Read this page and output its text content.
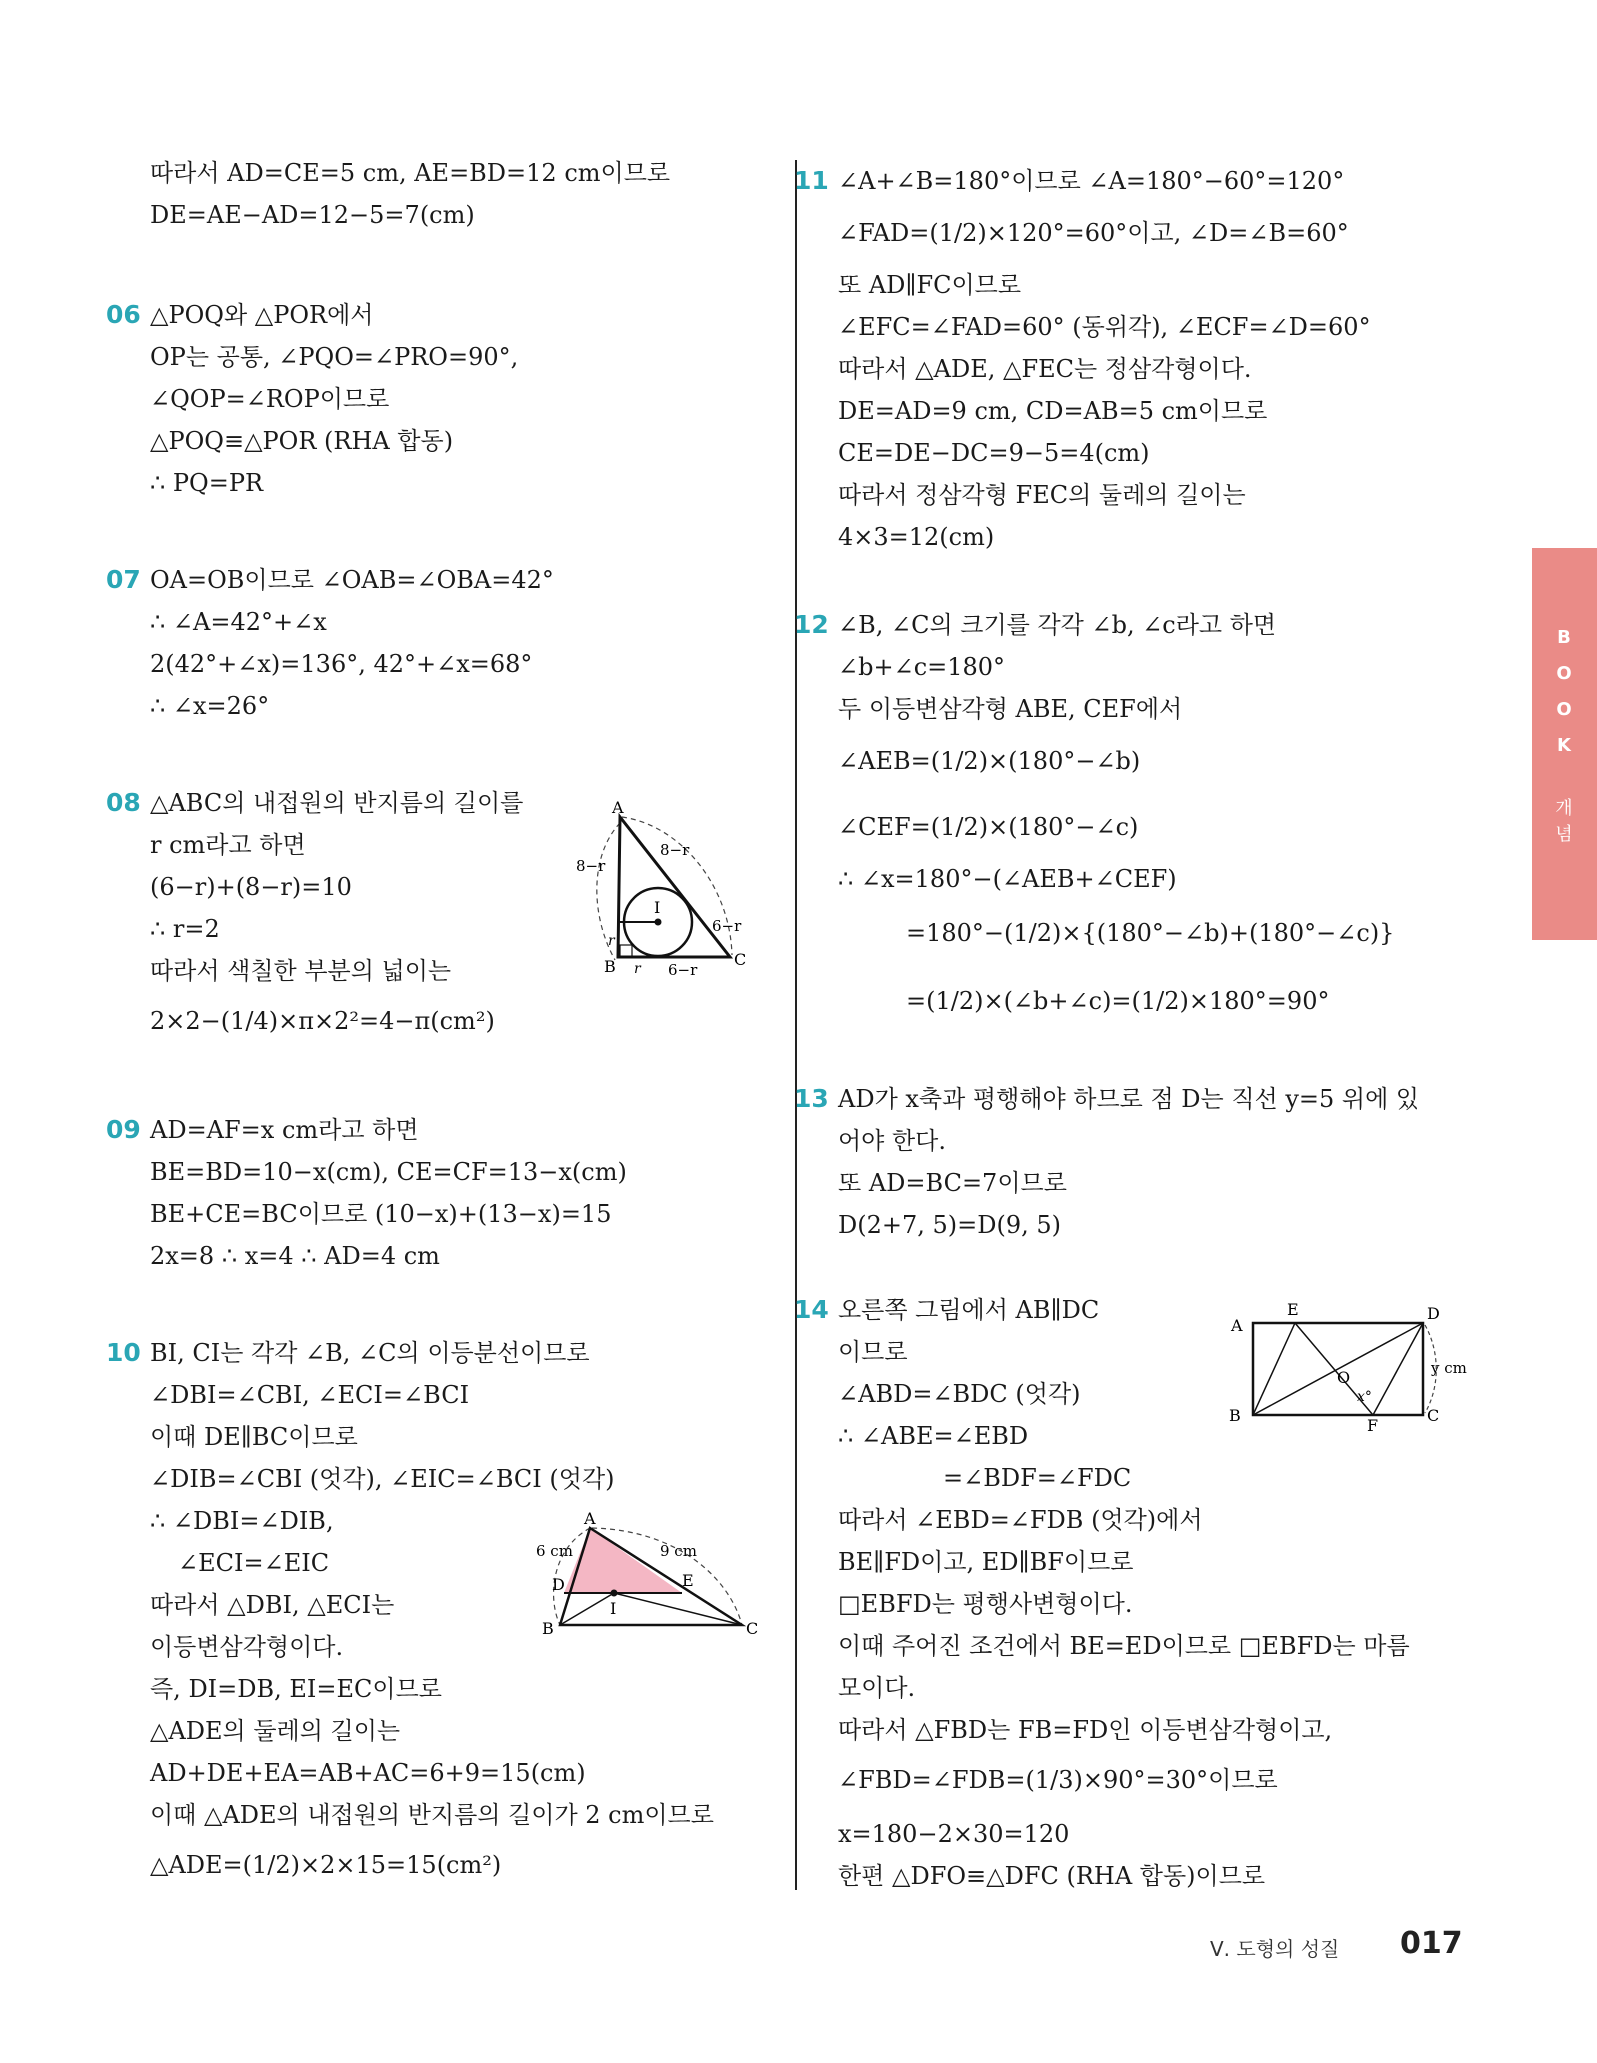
따라서 AD=CE=5 cm, AE=BD=12 cm이므로
DE=AE−AD=12−5=7(cm)
06 △POQ와 △POR에서
OP는 공통, ∠PQO=∠PRO=90°,
∠QOP=∠ROP이므로
△POQ≡△POR (RHA 합동)
∴ PQ=PR
07 OA=OB이므로 ∠OAB=∠OBA=42°
∴ ∠A=42°+∠x
2(42°+∠x)=136°, 42°+∠x=68°
∴ ∠x=26°
08 △ABC의 내접원의 반지름의 길이를
r cm라고 하면
(6−r)+(8−r)=10
∴ r=2
따라서 색칠한 부분의 넓이는
2×2−(1/4)×π×2²=4−π(cm²)
09 AD=AF=x cm라고 하면
BE=BD=10−x(cm), CE=CF=13−x(cm)
BE+CE=BC이므로 (10−x)+(13−x)=15
2x=8 ∴ x=4 ∴ AD=4 cm
10 BI, CI는 각각 ∠B, ∠C의 이등분선이므로
∠DBI=∠CBI, ∠ECI=∠BCI
이때 DE∥BC이므로
∠DIB=∠CBI (엇각), ∠EIC=∠BCI (엇각)
∴ ∠DBI=∠DIB,
∠ECI=∠EIC
따라서 △DBI, △ECI는
이등변삼각형이다.
즉, DI=DB, EI=EC이므로
△ADE의 둘레의 길이는
AD+DE+EA=AB+AC=6+9=15(cm)
이때 △ADE의 내접원의 반지름의 길이가 2 cm이므로
△ADE=(1/2)×2×15=15(cm²)
11 ∠A+∠B=180°이므로 ∠A=180°−60°=120°
∠FAD=(1/2)×120°=60°이고, ∠D=∠B=60°
또 AD∥FC이므로
∠EFC=∠FAD=60° (동위각), ∠ECF=∠D=60°
따라서 △ADE, △FEC는 정삼각형이다.
DE=AD=9 cm, CD=AB=5 cm이므로
CE=DE−DC=9−5=4(cm)
따라서 정삼각형 FEC의 둘레의 길이는
4×3=12(cm)
12 ∠B, ∠C의 크기를 각각 ∠b, ∠c라고 하면
∠b+∠c=180°
두 이등변삼각형 ABE, CEF에서
∠AEB=(1/2)×(180°−∠b)
∠CEF=(1/2)×(180°−∠c)
∴ ∠x=180°−(∠AEB+∠CEF)
=180°−(1/2)×{(180°−∠b)+(180°−∠c)}
=(1/2)×(∠b+∠c)=(1/2)×180°=90°
13 AD가 x축과 평행해야 하므로 점 D는 직선 y=5 위에 있
어야 한다.
또 AD=BC=7이므로
D(2+7, 5)=D(9, 5)
14 오른쪽 그림에서 AB∥DC
이므로
∠ABD=∠BDC (엇각)
∴ ∠ABE=∠EBD
=∠BDF=∠FDC
따라서 ∠EBD=∠FDB (엇각)에서
BE∥FD이고, ED∥BF이므로
□EBFD는 평행사변형이다.
이때 주어진 조건에서 BE=ED이므로 □EBFD는 마름
모이다.
따라서 △FBD는 FB=FD인 이등변삼각형이고,
∠FBD=∠FDB=(1/3)×90°=30°이므로
x=180−2×30=120
한편 △DFO≡△DFC (RHA 합동)이므로
A
B	C
I
8−r
8−r
6−r
6−r
r
r
A
B	C
D	E
I
6 cm	9 cm
A
B	C
D
E
F
O
x°
y cm
B
O
O
K
개
념
Ⅴ. 도형의 성질 017
